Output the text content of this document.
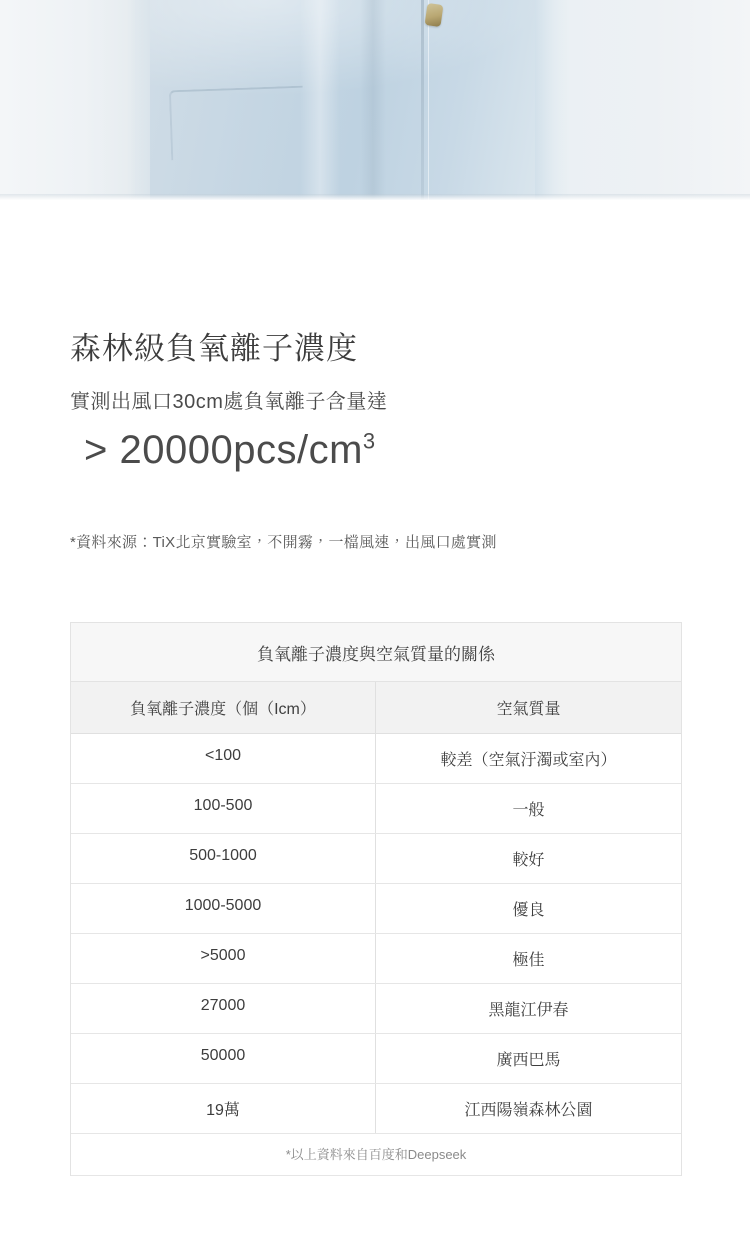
森林級負氧離子濃度
實測出風口30cm處負氧離子含量達
> $20000pcs/cm^3$
*資料來源：TiX北京實驗室，不開霧，一檔風速，出風口處實測
負氧離子濃度與空氣質量的關係
負氧離子濃度（個（Icm）	空氣質量
<100	較差（空氣汙濁或室內）
100-500	一般
500-1000	較好
1000-5000	優良
>5000	極佳
27000	黑龍江伊春
50000	廣西巴馬
19萬	江西陽嶺森林公園
*以上資料來自百度和Deepseek
